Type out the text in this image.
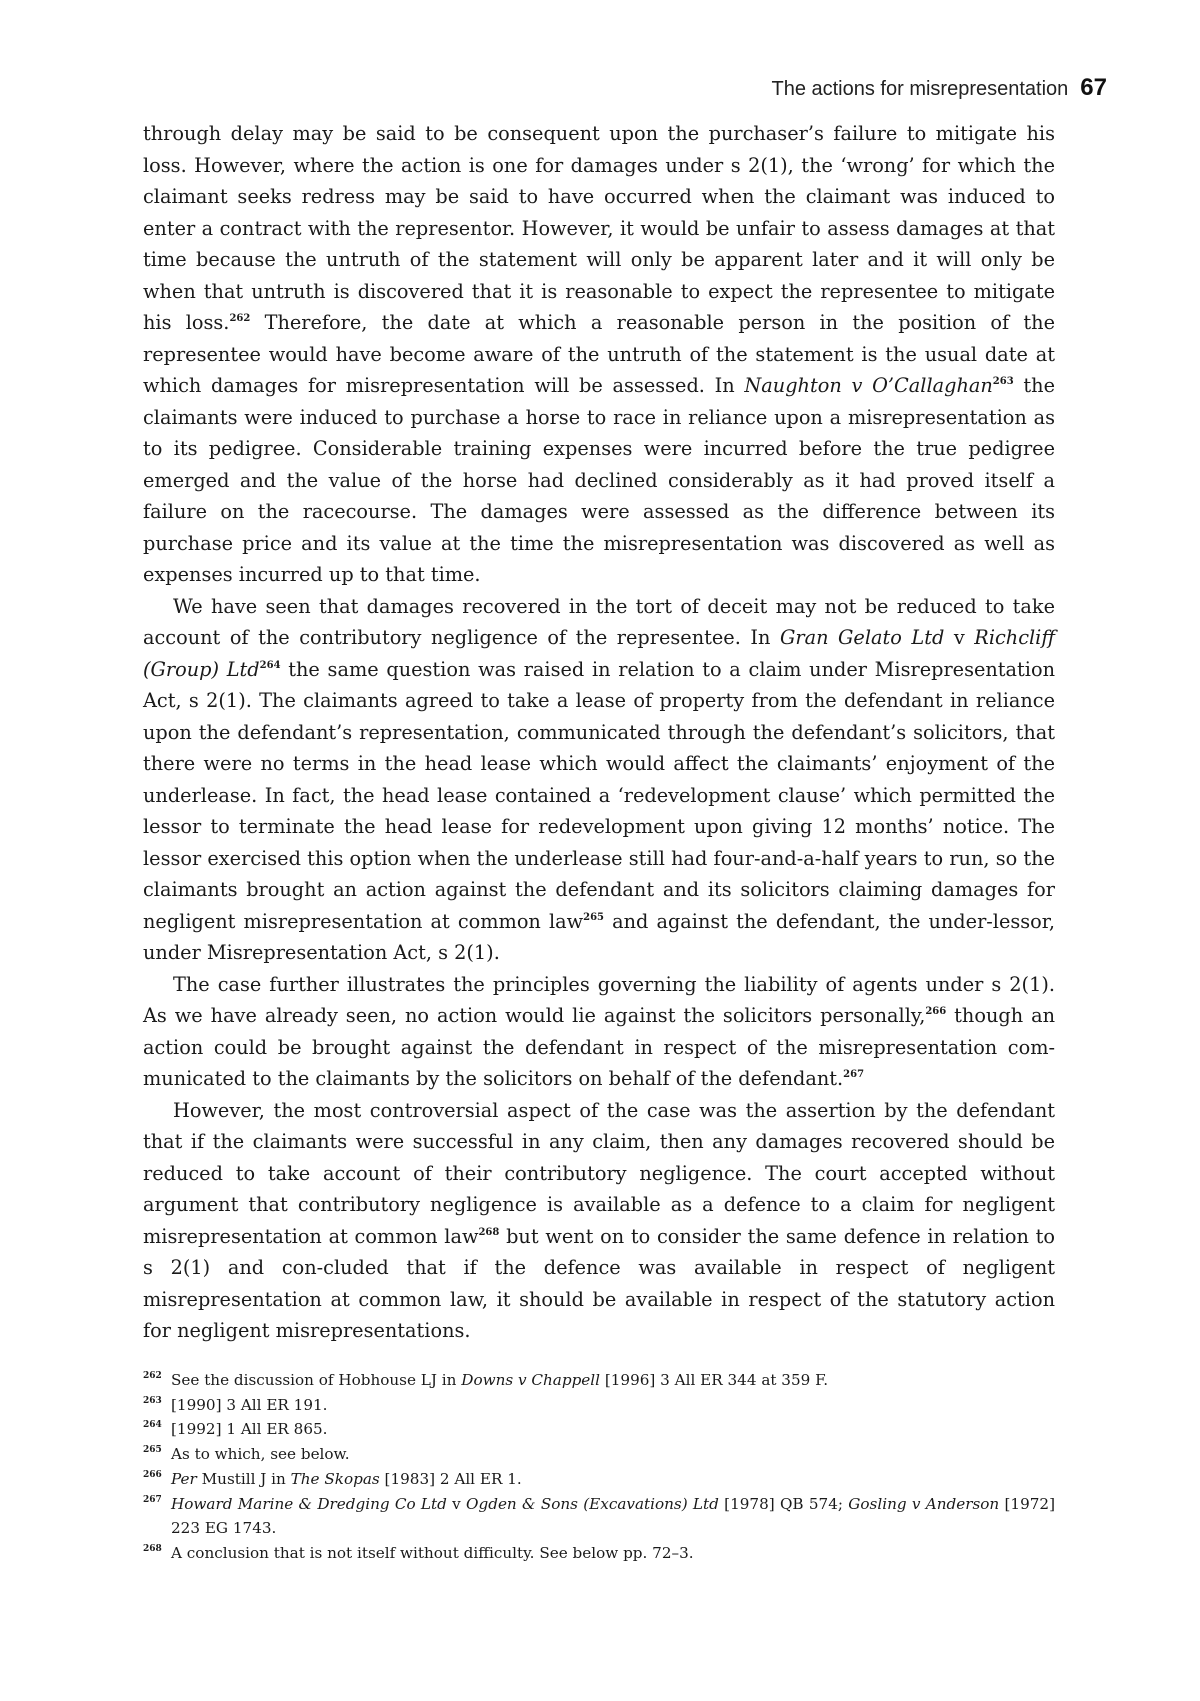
The actions for misrepresentation 67

through delay may be said to be consequent upon the purchaser’s failure to mitigate his loss. However, where the action is one for damages under s 2(1), the ‘wrong’ for which the claimant seeks redress may be said to have occurred when the claimant was induced to enter a contract with the representor. However, it would be unfair to assess damages at that time because the untruth of the statement will only be apparent later and it will only be when that untruth is discovered that it is reasonable to expect the representee to mitigate his loss.$^{262}$ Therefore, the date at which a reasonable person in the position of the representee would have become aware of the untruth of the statement is the usual date at which damages for misrepresentation will be assessed. In Naughton v O’Callaghan$^{263}$ the claimants were induced to purchase a horse to race in reliance upon a misrepresentation as to its pedigree. Considerable training expenses were incurred before the true pedigree emerged and the value of the horse had declined considerably as it had proved itself a failure on the racecourse. The damages were assessed as the difference between its purchase price and its value at the time the misrepresentation was discovered as well as expenses incurred up to that time.

We have seen that damages recovered in the tort of deceit may not be reduced to take account of the contributory negligence of the representee. In Gran Gelato Ltd v Richcliff (Group) Ltd$^{264}$ the same question was raised in relation to a claim under Misrepresentation Act, s 2(1). The claimants agreed to take a lease of property from the defendant in reliance upon the defendant’s representation, communicated through the defendant’s solicitors, that there were no terms in the head lease which would affect the claimants’ enjoyment of the underlease. In fact, the head lease contained a ‘redevelopment clause’ which permitted the lessor to terminate the head lease for redevelopment upon giving 12 months’ notice. The lessor exercised this option when the underlease still had four-and-a-half years to run, so the claimants brought an action against the defendant and its solicitors claiming damages for negligent misrepresentation at common law$^{265}$ and against the defendant, the under-lessor, under Misrepresentation Act, s 2(1).

The case further illustrates the principles governing the liability of agents under s 2(1). As we have already seen, no action would lie against the solicitors personally,$^{266}$ though an action could be brought against the defendant in respect of the misrepresentation com-municated to the claimants by the solicitors on behalf of the defendant.$^{267}$

However, the most controversial aspect of the case was the assertion by the defendant that if the claimants were successful in any claim, then any damages recovered should be reduced to take account of their contributory negligence. The court accepted without argument that contributory negligence is available as a defence to a claim for negligent misrepresentation at common law$^{268}$ but went on to consider the same defence in relation to s 2(1) and con-cluded that if the defence was available in respect of negligent misrepresentation at common law, it should be available in respect of the statutory action for negligent misrepresentations.

262 See the discussion of Hobhouse LJ in Downs v Chappell [1996] 3 All ER 344 at 359 F.
263 [1990] 3 All ER 191.
264 [1992] 1 All ER 865.
265 As to which, see below.
266 Per Mustill J in The Skopas [1983] 2 All ER 1.
267 Howard Marine & Dredging Co Ltd v Ogden & Sons (Excavations) Ltd [1978] QB 574; Gosling v Anderson [1972] 223 EG 1743.
268 A conclusion that is not itself without difficulty. See below pp. 72–3.
